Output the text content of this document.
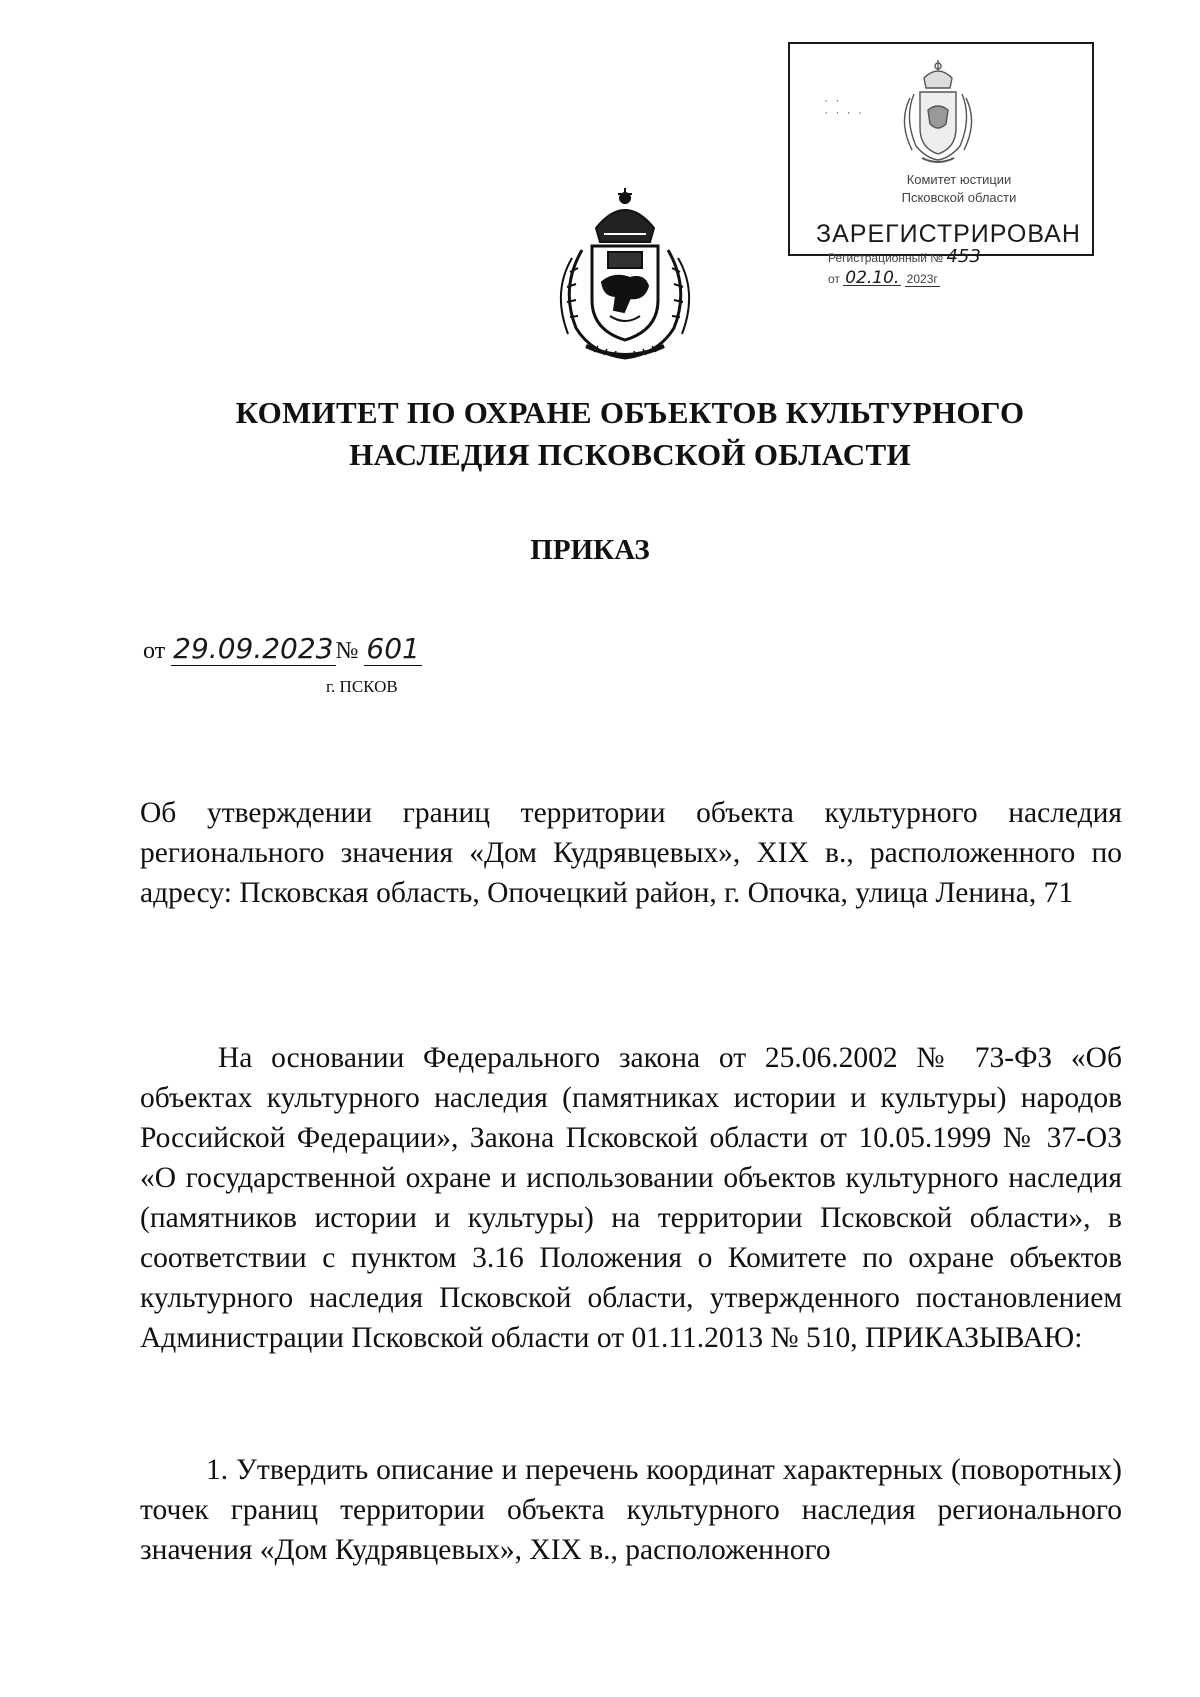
· ·
· · · ·
Комитет юстиции
Псковской области
ЗАРЕГИСТРИРОВАН
Регистрационный № 453
от 02.10. 2023г
КОМИТЕТ ПО ОХРАНЕ ОБЪЕКТОВ КУЛЬТУРНОГО
НАСЛЕДИЯ ПСКОВСКОЙ ОБЛАСТИ
ПРИКАЗ
от 29.09.2023№ 601
г. ПСКОВ

Об утверждении границ территории объекта культурного наследия регионального значения «Дом Кудрявцевых», XIX в., расположенного по адресу: Псковская область, Опочецкий район, г. Опочка, улица Ленина, 71

На основании Федерального закона от 25.06.2002 № 73-ФЗ «Об объектах культурного наследия (памятниках истории и культуры) народов Российской Федерации», Закона Псковской области от 10.05.1999 № 37-ОЗ «О государственной охране и использовании объектов культурного наследия (памятников истории и культуры) на территории Псковской области», в соответствии с пунктом 3.16 Положения о Комитете по охране объектов культурного наследия Псковской области, утвержденного постановлением Администрации Псковской области от 01.11.2013 № 510, ПРИКАЗЫВАЮ:

1. Утвердить описание и перечень координат характерных (поворотных) точек границ территории объекта культурного наследия регионального значения «Дом Кудрявцевых», XIX в., расположенного
